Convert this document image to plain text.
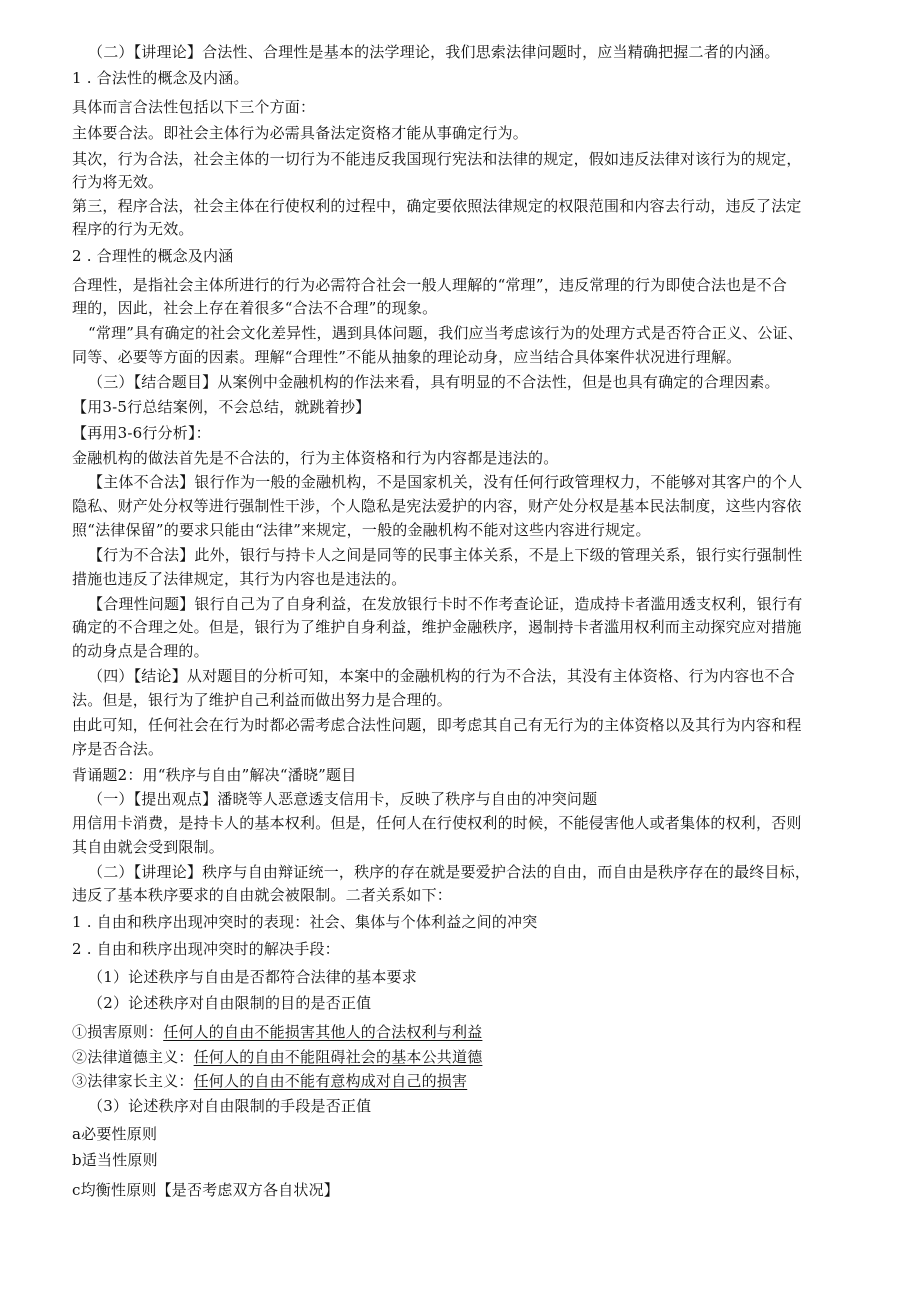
（二）【讲理论】合法性、合理性是基本的法学理论，我们思索法律问题时，应当精确把握二者的内涵。
1 . 合法性的概念及内涵。
具体而言合法性包括以下三个方面：
主体要合法。即社会主体行为必需具备法定资格才能从事确定行为。
其次，行为合法，社会主体的一切行为不能违反我国现行宪法和法律的规定，假如违反法律对该行为的规定，
行为将无效。
第三，程序合法，社会主体在行使权利的过程中，确定要依照法律规定的权限范围和内容去行动，违反了法定
程序的行为无效。
2 . 合理性的概念及内涵
合理性，是指社会主体所进行的行为必需符合社会一般人理解的“常理”，违反常理的行为即使合法也是不合
理的，因此，社会上存在着很多“合法不合理”的现象。
“常理”具有确定的社会文化差异性，遇到具体问题，我们应当考虑该行为的处理方式是否符合正义、公证、
同等、必要等方面的因素。理解“合理性”不能从抽象的理论动身，应当结合具体案件状况进行理解。
（三）【结合题目】从案例中金融机构的作法来看，具有明显的不合法性，但是也具有确定的合理因素。
【用3-5行总结案例，不会总结，就跳着抄】
【再用3-6行分析】：
金融机构的做法首先是不合法的，行为主体资格和行为内容都是违法的。
【主体不合法】银行作为一般的金融机构，不是国家机关，没有任何行政管理权力，不能够对其客户的个人
隐私、财产处分权等进行强制性干涉，个人隐私是宪法爱护的内容，财产处分权是基本民法制度，这些内容依
照“法律保留”的要求只能由“法律”来规定，一般的金融机构不能对这些内容进行规定。
【行为不合法】此外，银行与持卡人之间是同等的民事主体关系，不是上下级的管理关系，银行实行强制性
措施也违反了法律规定，其行为内容也是违法的。
【合理性问题】银行自己为了自身利益，在发放银行卡时不作考查论证，造成持卡者滥用透支权利，银行有
确定的不合理之处。但是，银行为了维护自身利益，维护金融秩序，遏制持卡者滥用权利而主动探究应对措施
的动身点是合理的。
（四）【结论】从对题目的分析可知，本案中的金融机构的行为不合法，其没有主体资格、行为内容也不合
法。但是，银行为了维护自己利益而做出努力是合理的。
由此可知，任何社会在行为时都必需考虑合法性问题，即考虑其自己有无行为的主体资格以及其行为内容和程
序是否合法。
背诵题2：用“秩序与自由”解决“潘晓”题目
（一）【提出观点】潘晓等人恶意透支信用卡，反映了秩序与自由的冲突问题
用信用卡消费，是持卡人的基本权利。但是，任何人在行使权利的时候，不能侵害他人或者集体的权利，否则
其自由就会受到限制。
（二）【讲理论】秩序与自由辩证统一，秩序的存在就是要爱护合法的自由，而自由是秩序存在的最终目标，
违反了基本秩序要求的自由就会被限制。二者关系如下：
1 . 自由和秩序出现冲突时的表现：社会、集体与个体利益之间的冲突
2 . 自由和秩序出现冲突时的解决手段：
（1）论述秩序与自由是否都符合法律的基本要求
（2）论述秩序对自由限制的目的是否正值
①损害原则：任何人的自由不能损害其他人的合法权利与利益
②法律道德主义：任何人的自由不能阻碍社会的基本公共道德
③法律家长主义：任何人的自由不能有意构成对自己的损害
（3）论述秩序对自由限制的手段是否正值
a必要性原则
b适当性原则
c均衡性原则【是否考虑双方各自状况】
